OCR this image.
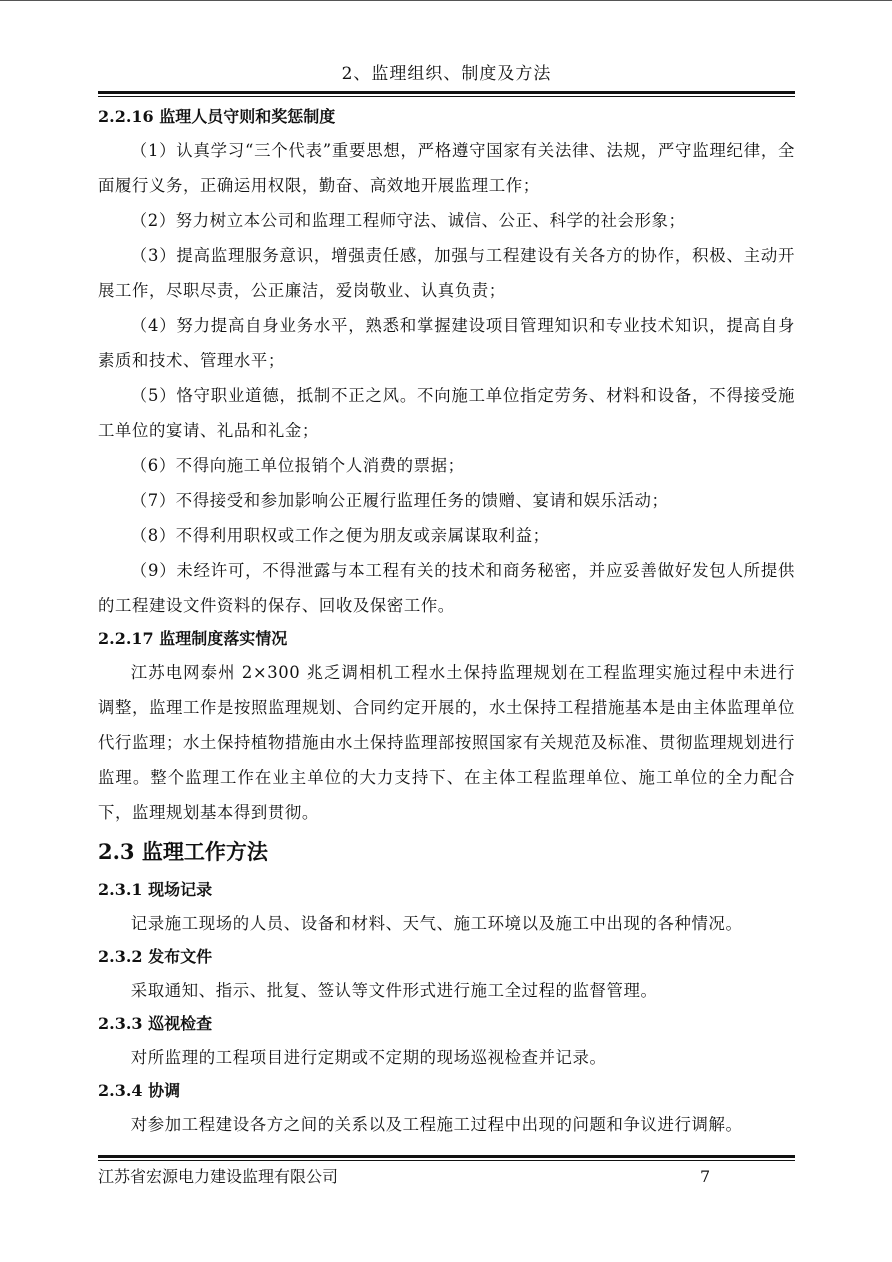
2、监理组织、制度及方法
2.2.16 监理人员守则和奖惩制度

（1）认真学习“三个代表”重要思想，严格遵守国家有关法律、法规，严守监理纪律，全面履行义务，正确运用权限，勤奋、高效地开展监理工作；

（2）努力树立本公司和监理工程师守法、诚信、公正、科学的社会形象；

（3）提高监理服务意识，增强责任感，加强与工程建设有关各方的协作，积极、主动开展工作，尽职尽责，公正廉洁，爱岗敬业、认真负责；

（4）努力提高自身业务水平，熟悉和掌握建设项目管理知识和专业技术知识，提高自身素质和技术、管理水平；

（5）恪守职业道德，抵制不正之风。不向施工单位指定劳务、材料和设备，不得接受施工单位的宴请、礼品和礼金；

（6）不得向施工单位报销个人消费的票据；

（7）不得接受和参加影响公正履行监理任务的馈赠、宴请和娱乐活动；

（8）不得利用职权或工作之便为朋友或亲属谋取利益；

（9）未经许可，不得泄露与本工程有关的技术和商务秘密，并应妥善做好发包人所提供的工程建设文件资料的保存、回收及保密工作。

2.2.17 监理制度落实情况

江苏电网泰州 2×300 兆乏调相机工程水土保持监理规划在工程监理实施过程中未进行调整，监理工作是按照监理规划、合同约定开展的，水土保持工程措施基本是由主体监理单位代行监理；水土保持植物措施由水土保持监理部按照国家有关规范及标准、贯彻监理规划进行监理。整个监理工作在业主单位的大力支持下、在主体工程监理单位、施工单位的全力配合下，监理规划基本得到贯彻。

2.3 监理工作方法
2.3.1 现场记录

记录施工现场的人员、设备和材料、天气、施工环境以及施工中出现的各种情况。

2.3.2 发布文件

采取通知、指示、批复、签认等文件形式进行施工全过程的监督管理。

2.3.3 巡视检查

对所监理的工程项目进行定期或不定期的现场巡视检查并记录。

2.3.4 协调

对参加工程建设各方之间的关系以及工程施工过程中出现的问题和争议进行调解。

江苏省宏源电力建设监理有限公司	7
